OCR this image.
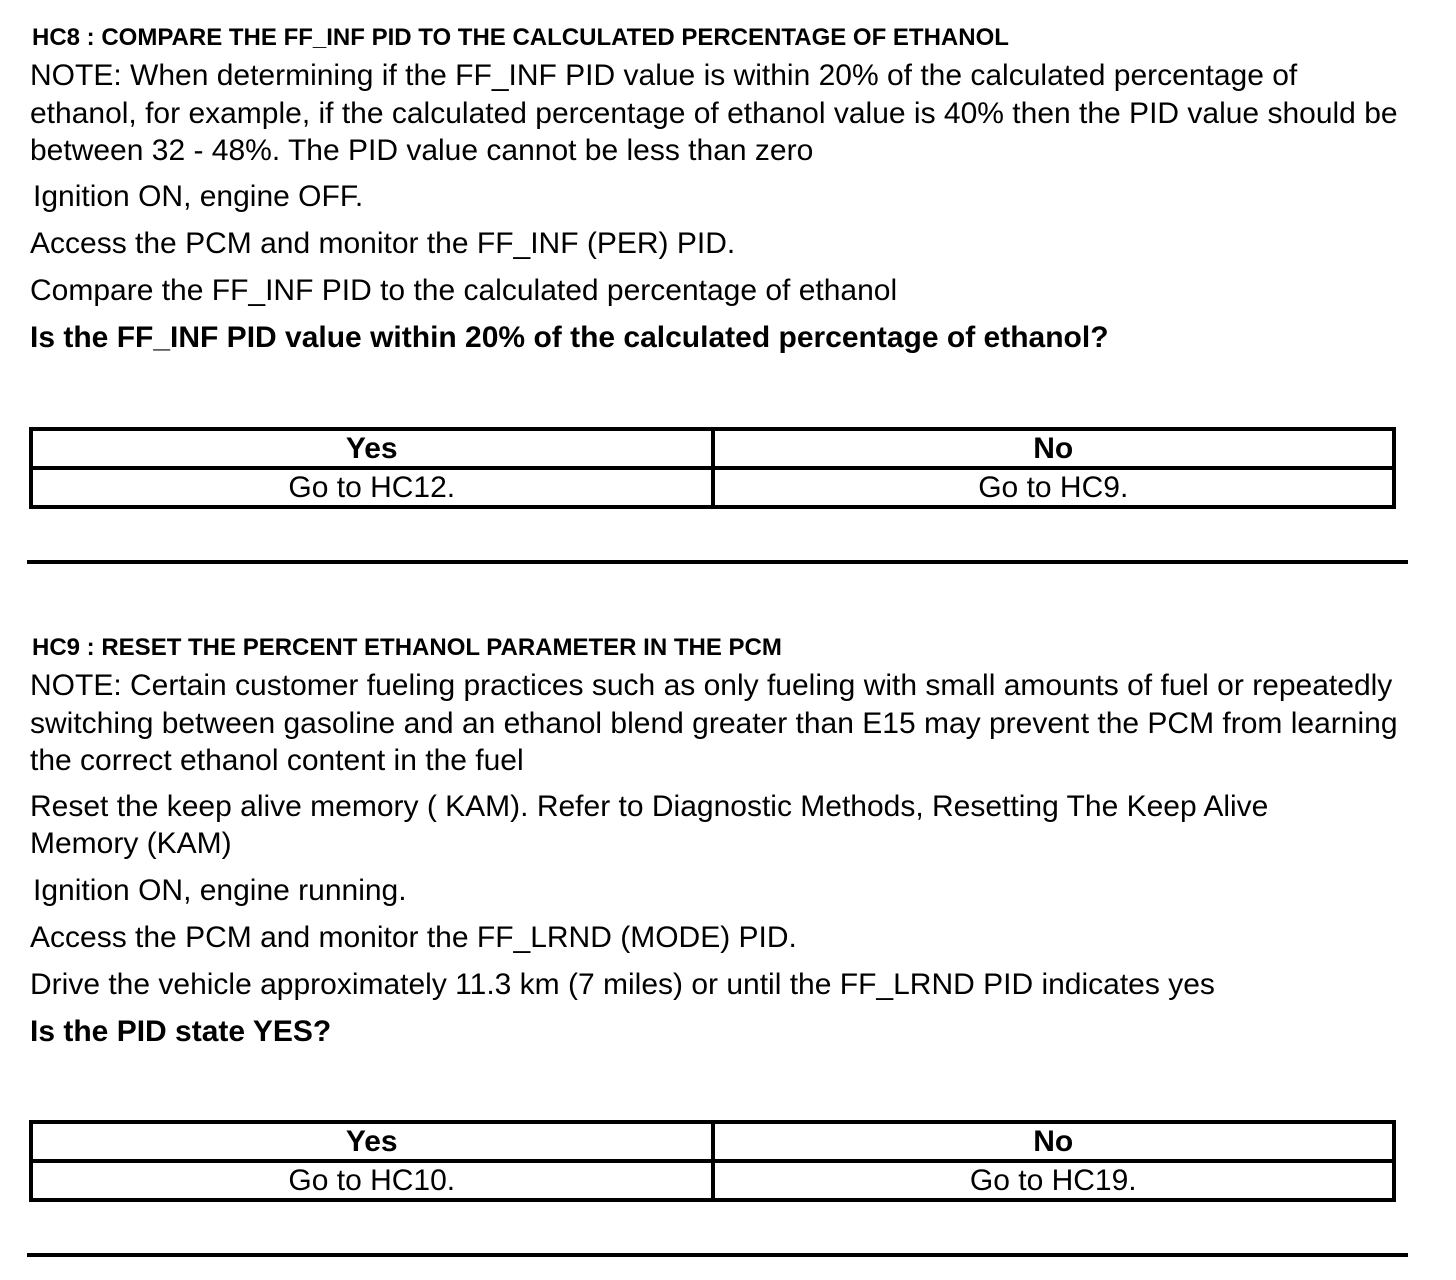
HC8 : COMPARE THE FF_INF PID TO THE CALCULATED PERCENTAGE OF ETHANOL
NOTE: When determining if the FF_INF PID value is within 20% of the calculated percentage of ethanol, for example, if the calculated percentage of ethanol value is 40% then the PID value should be between 32 - 48%. The PID value cannot be less than zero
Ignition ON, engine OFF.
Access the PCM and monitor the FF_INF (PER) PID.
Compare the FF_INF PID to the calculated percentage of ethanol
Is the FF_INF PID value within 20% of the calculated percentage of ethanol?
Yes	No
Go to HC12.	Go to HC9.
HC9 : RESET THE PERCENT ETHANOL PARAMETER IN THE PCM
NOTE: Certain customer fueling practices such as only fueling with small amounts of fuel or repeatedly switching between gasoline and an ethanol blend greater than E15 may prevent the PCM from learning the correct ethanol content in the fuel
Reset the keep alive memory ( KAM). Refer to Diagnostic Methods, Resetting The Keep Alive Memory (KAM)
Ignition ON, engine running.
Access the PCM and monitor the FF_LRND (MODE) PID.
Drive the vehicle approximately 11.3 km (7 miles) or until the FF_LRND PID indicates yes
Is the PID state YES?
Yes	No
Go to HC10.	Go to HC19.
